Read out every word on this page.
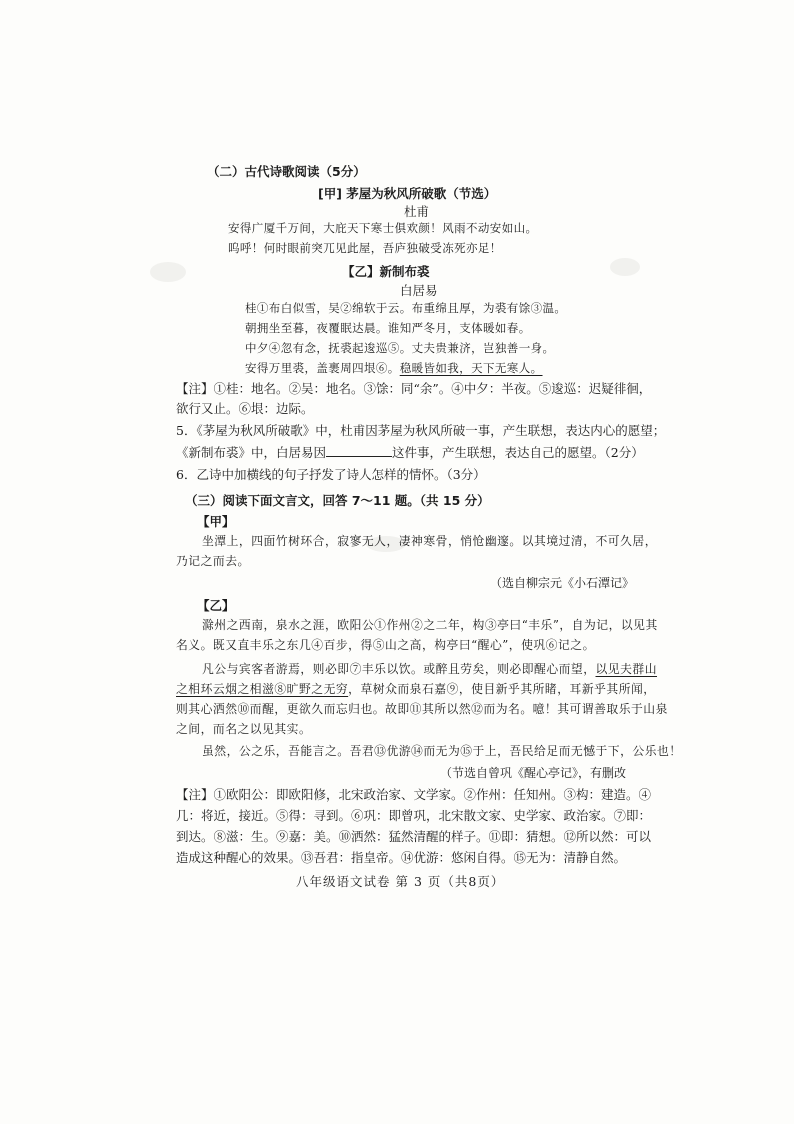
（二）古代诗歌阅读（5分）
[甲] 茅屋为秋风所破歌（节选）
杜甫
安得广厦千万间，大庇天下寒士俱欢颜！风雨不动安如山。
呜呼！何时眼前突兀见此屋，吾庐独破受冻死亦足！
【乙】新制布裘
白居易
桂①布白似雪，吴②绵软于云。布重绵且厚，为裘有馀③温。
朝拥坐至暮，夜覆眠达晨。谁知严冬月，支体暖如春。
中夕④忽有念，抚裘起逡巡⑤。丈夫贵兼济，岂独善一身。
安得万里裘，盖裹周四垠⑥。稳暖皆如我，天下无寒人。
【注】①桂：地名。②吴：地名。③馀：同“余”。④中夕：半夜。⑤逡巡：迟疑徘徊，
欲行又止。⑥垠：边际。
5．《茅屋为秋风所破歌》中，杜甫因茅屋为秋风所破一事，产生联想，表达内心的愿望；
《新制布裘》中，白居易因	这件事，产生联想，表达自己的愿望。（2分）
6．乙诗中加横线的句子抒发了诗人怎样的情怀。（3分）
（三）阅读下面文言文，回答 7～11 题。（共 15 分）
【甲】
坐潭上，四面竹树环合，寂寥无人，凄神寒骨，悄怆幽邃。以其境过清，不可久居，
乃记之而去。
（选自柳宗元《小石潭记》
【乙】
滁州之西南，泉水之涯，欧阳公①作州②之二年，构③亭曰“丰乐”，自为记，以见其
名义。既又直丰乐之东几④百步，得⑤山之高，构亭曰“醒心”，使巩⑥记之。
凡公与宾客者游焉，则必即⑦丰乐以饮。或醉且劳矣，则必即醒心而望，以见夫群山
之相环云烟之相滋⑧旷野之无穷，草树众而泉石嘉⑨，使目新乎其所睹，耳新乎其所闻，
则其心洒然⑩而醒，更欲久而忘归也。故即⑪其所以然⑫而为名。噫！其可谓善取乐于山泉
之间，而名之以见其实。
虽然，公之乐，吾能言之。吾君⑬优游⑭而无为⑮于上，吾民给足而无憾于下，公乐也！
（节选自曾巩《醒心亭记》，有删改
【注】①欧阳公：即欧阳修，北宋政治家、文学家。②作州：任知州。③构：建造。④
几：将近，接近。⑤得：寻到。⑥巩：即曾巩，北宋散文家、史学家、政治家。⑦即：
到达。⑧滋：生。⑨嘉：美。⑩洒然：猛然清醒的样子。⑪即：猜想。⑫所以然：可以
造成这种醒心的效果。⑬吾君：指皇帝。⑭优游：悠闲自得。⑮无为：清静自然。
八年级语文试卷 第 3 页（共8页）
